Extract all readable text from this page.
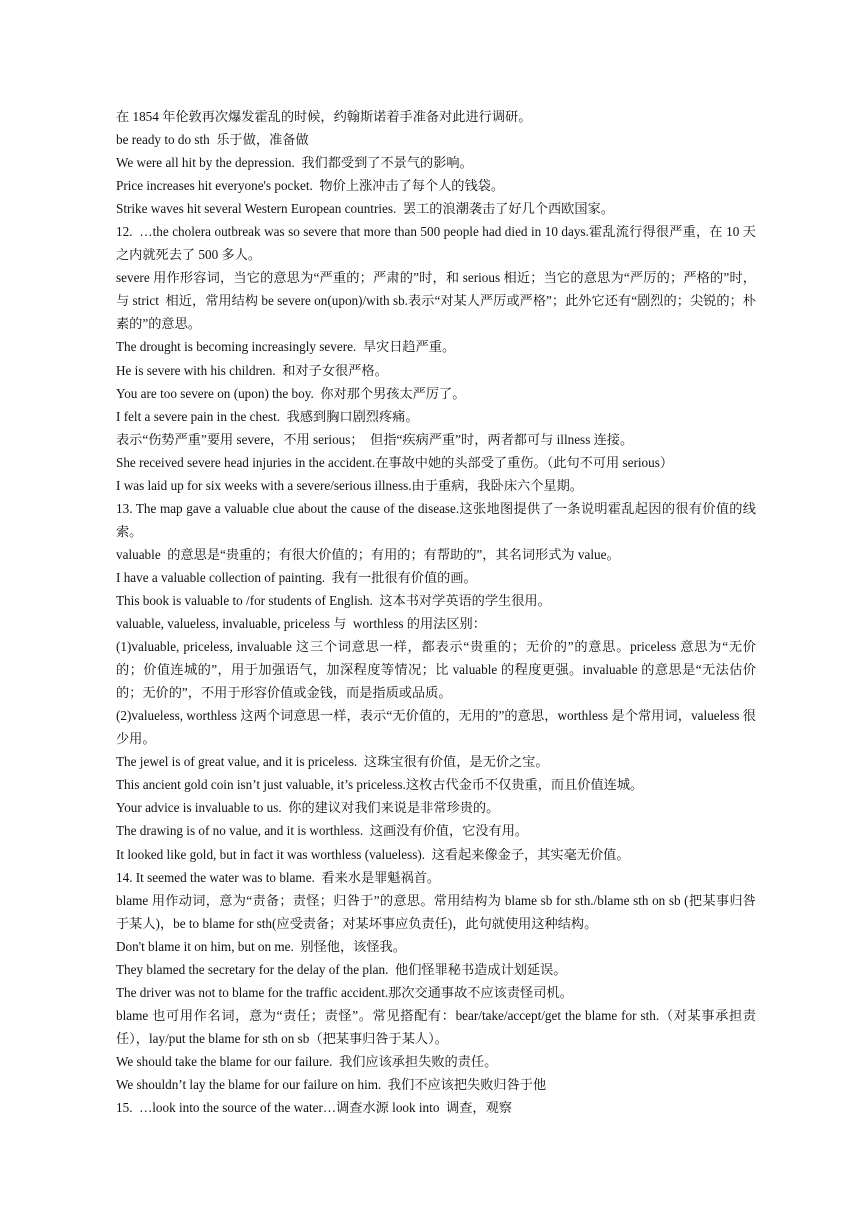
在 1854 年伦敦再次爆发霍乱的时候，约翰斯诺着手准备对此进行调研。

be ready to do sth  乐于做，准备做

We were all hit by the depression.  我们都受到了不景气的影响。

Price increases hit everyone's pocket.  物价上涨冲击了每个人的钱袋。

Strike waves hit several Western European countries.  罢工的浪潮袭击了好几个西欧国家。

12.  …the cholera outbreak was so severe that more than 500 people had died in 10 days.霍乱流行得很严重，在 10 天之内就死去了 500 多人。

severe 用作形容词，当它的意思为“严重的；严肃的”时，和 serious 相近；当它的意思为“严厉的；严格的”时，与 strict  相近，常用结构 be severe on(upon)/with sb.表示“对某人严厉或严格”；此外它还有“剧烈的；尖锐的；朴素的”的意思。

The drought is becoming increasingly severe.  旱灾日趋严重。

He is severe with his children.  和对子女很严格。

You are too severe on (upon) the boy.  你对那个男孩太严厉了。

I felt a severe pain in the chest.  我感到胸口剧烈疼痛。

表示“伤势严重”要用 severe，不用 serious；  但指“疾病严重”时，两者都可与 illness 连接。

She received severe head injuries in the accident.在事故中她的头部受了重伤。（此句不可用 serious）

I was laid up for six weeks with a severe/serious illness.由于重病，我卧床六个星期。

13. The map gave a valuable clue about the cause of the disease.这张地图提供了一条说明霍乱起因的很有价值的线索。

valuable  的意思是“贵重的；有很大价值的；有用的；有帮助的”，其名词形式为 value。

I have a valuable collection of painting.  我有一批很有价值的画。

This book is valuable to /for students of English.  这本书对学英语的学生很用。

valuable, valueless, invaluable, priceless 与  worthless 的用法区别：

(1)valuable, priceless, invaluable 这三个词意思一样，都表示“贵重的；无价的”的意思。priceless 意思为“无价的；价值连城的”，用于加强语气，加深程度等情况；比 valuable 的程度更强。invaluable 的意思是“无法估价的；无价的”，不用于形容价值或金钱，而是指质或品质。

(2)valueless, worthless 这两个词意思一样，表示“无价值的，无用的”的意思，worthless 是个常用词，valueless 很少用。

The jewel is of great value, and it is priceless.  这珠宝很有价值，是无价之宝。

This ancient gold coin isn’t just valuable, it’s priceless.这枚古代金币不仅贵重，而且价值连城。

Your advice is invaluable to us.  你的建议对我们来说是非常珍贵的。

The drawing is of no value, and it is worthless.  这画没有价值，它没有用。

It looked like gold, but in fact it was worthless (valueless).  这看起来像金子，其实毫无价值。

14. It seemed the water was to blame.  看来水是罪魁祸首。

blame 用作动词，意为“责备；责怪；归咎于”的意思。常用结构为 blame sb for sth./blame sth on sb (把某事归咎于某人)，be to blame for sth(应受责备；对某坏事应负责任)，此句就使用这种结构。

Don't blame it on him, but on me.  别怪他，该怪我。

They blamed the secretary for the delay of the plan.  他们怪罪秘书造成计划延误。

The driver was not to blame for the traffic accident.那次交通事故不应该责怪司机。

blame 也可用作名词，意为“责任；责怪”。常见搭配有：bear/take/accept/get the blame for sth.（对某事承担责任），lay/put the blame for sth on sb（把某事归咎于某人）。

We should take the blame for our failure.  我们应该承担失败的责任。

We shouldn’t lay the blame for our failure on him.  我们不应该把失败归咎于他

15.  …look into the source of the water…调查水源 look into  调查，观察
